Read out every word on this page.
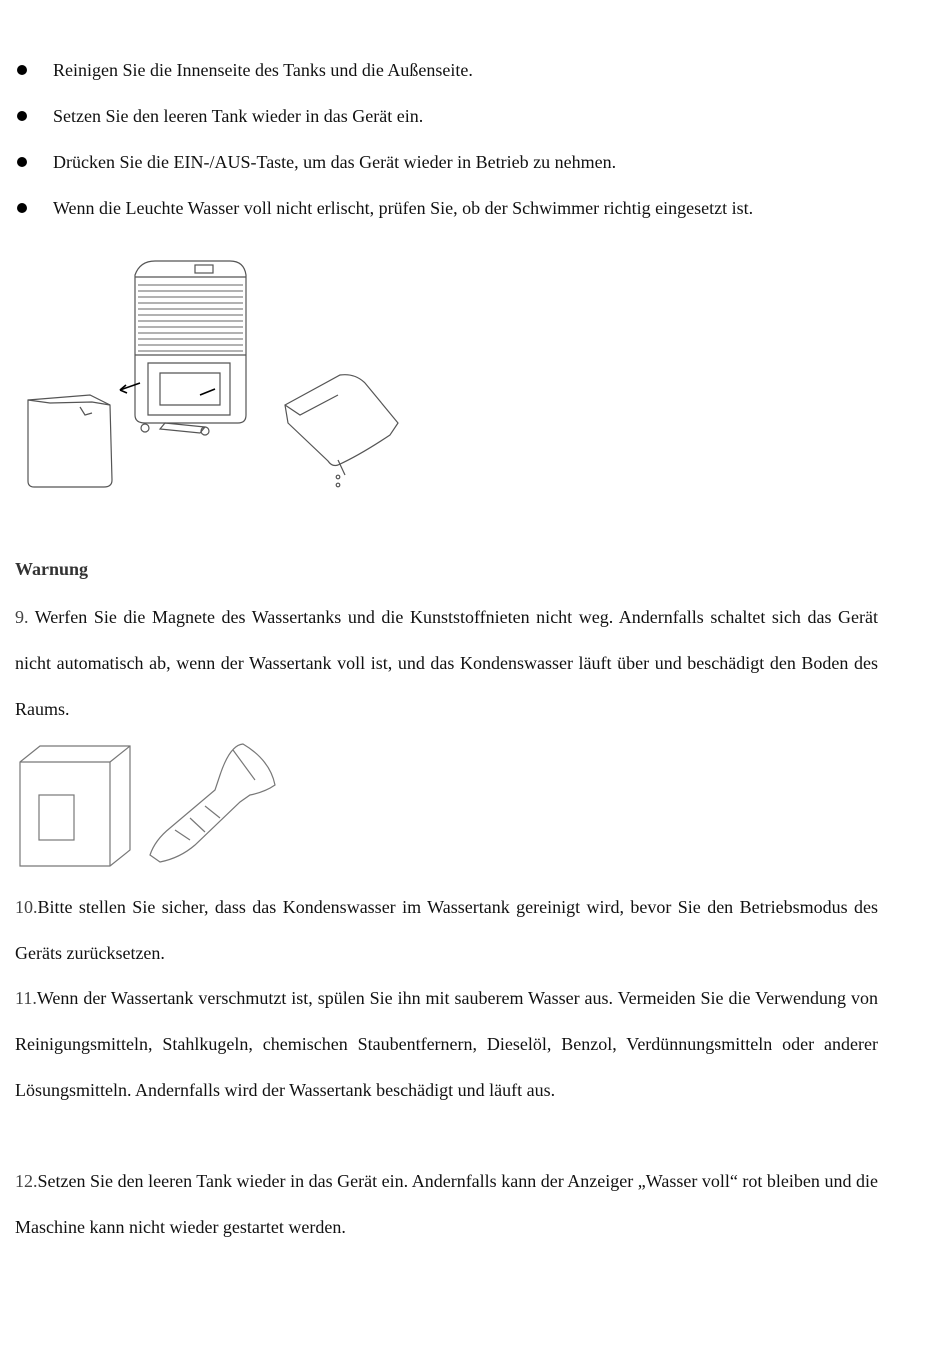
Reinigen Sie die Innenseite des Tanks und die Außenseite.
Setzen Sie den leeren Tank wieder in das Gerät ein.
Drücken Sie die EIN-/AUS-Taste, um das Gerät wieder in Betrieb zu nehmen.
Wenn die Leuchte Wasser voll nicht erlischt, prüfen Sie, ob der Schwimmer richtig eingesetzt ist.
Warnung
9. Werfen Sie die Magnete des Wassertanks und die Kunststoffnieten nicht weg. Andernfalls schaltet sich das Gerät nicht automatisch ab, wenn der Wassertank voll ist, und das Kondenswasser läuft über und beschädigt den Boden des Raums.
10.Bitte stellen Sie sicher, dass das Kondenswasser im Wassertank gereinigt wird, bevor Sie den Betriebsmodus des Geräts zurücksetzen.
11.Wenn der Wassertank verschmutzt ist, spülen Sie ihn mit sauberem Wasser aus. Vermeiden Sie die Verwendung von Reinigungsmitteln, Stahlkugeln, chemischen Staubentfernern, Dieselöl, Benzol, Verdünnungsmitteln oder anderer Lösungsmitteln. Andernfalls wird der Wassertank beschädigt und läuft aus.
12.Setzen Sie den leeren Tank wieder in das Gerät ein. Andernfalls kann der Anzeiger „Wasser voll“ rot bleiben und die Maschine kann nicht wieder gestartet werden.
